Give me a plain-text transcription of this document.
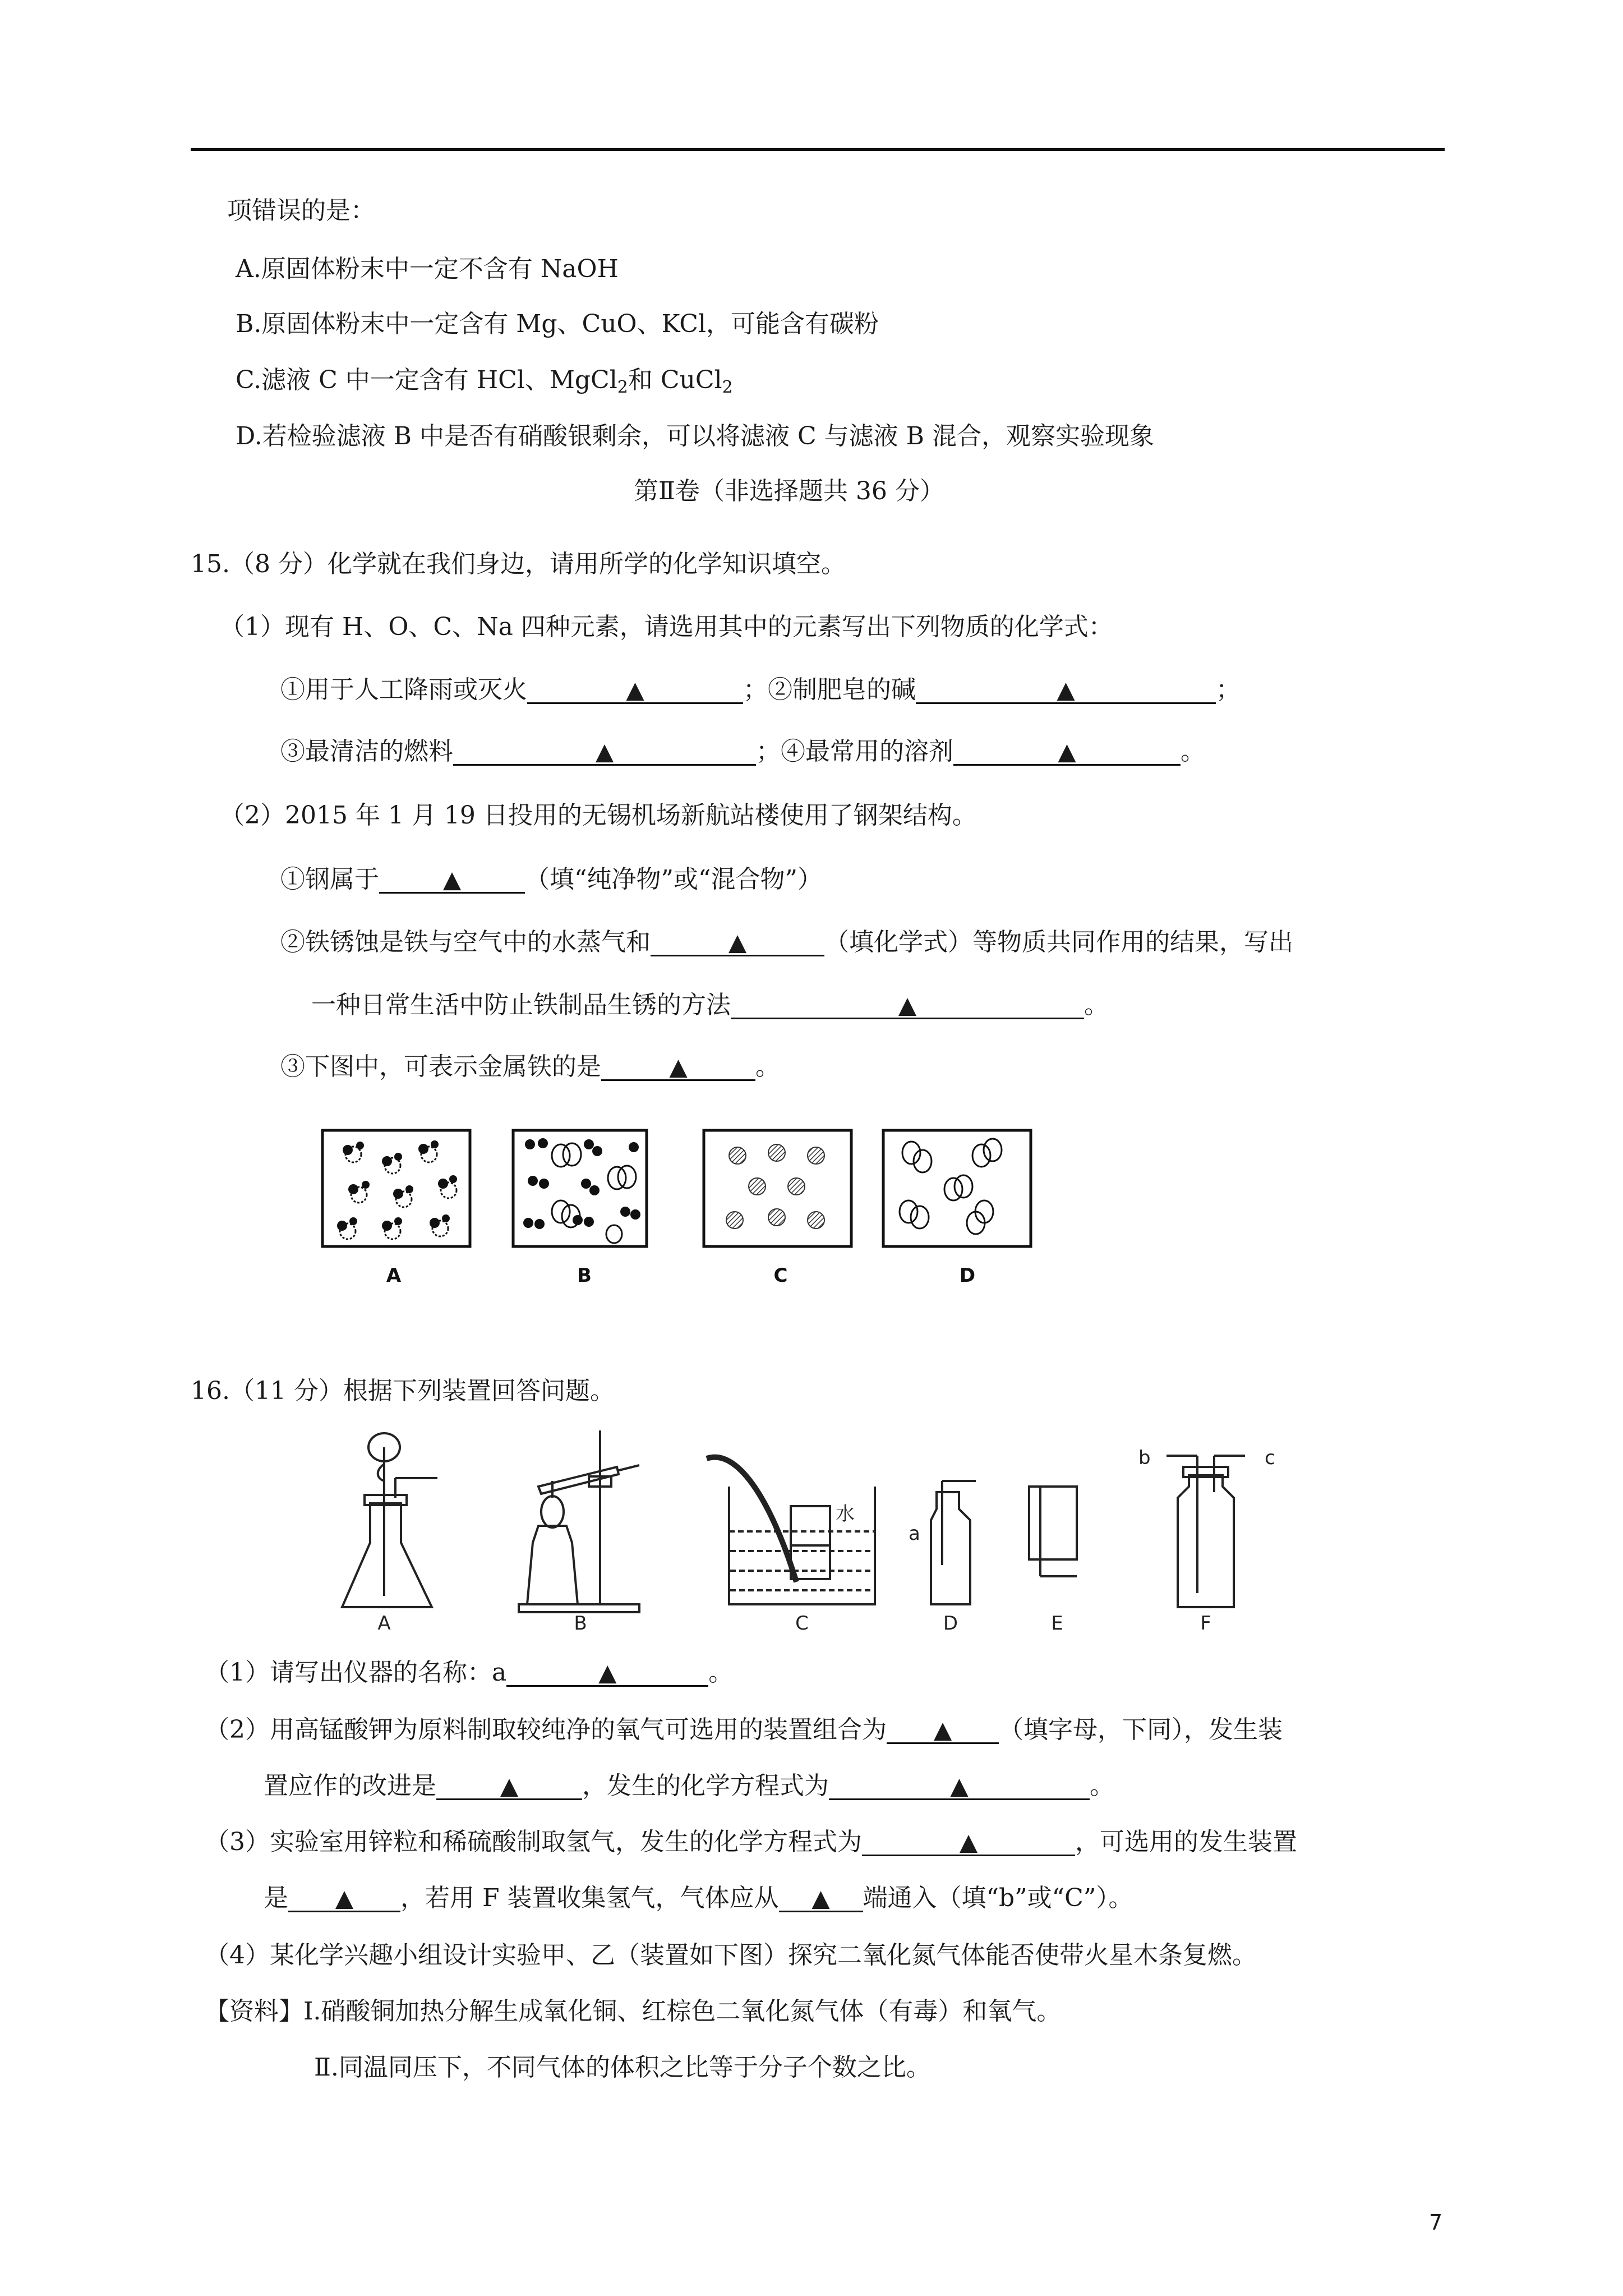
项错误的是：
A.原固体粉末中一定不含有 NaOH
B.原固体粉末中一定含有 Mg、CuO、KCl，可能含有碳粉
C.滤液 C 中一定含有 HCl、MgCl$_2$和 CuCl$_2$
D.若检验滤液 B 中是否有硝酸银剩余，可以将滤液 C 与滤液 B 混合，观察实验现象
第Ⅱ卷（非选择题共 36 分）
15.（8 分）化学就在我们身边，请用所学的化学知识填空。
（1）现有 H、O、C、Na 四种元素，请选用其中的元素写出下列物质的化学式：
①用于人工降雨或灭火	▲	；②制肥皂的碱	▲	；
③最清洁的燃料	▲	；④最常用的溶剂	▲	。
（2）2015 年 1 月 19 日投用的无锡机场新航站楼使用了钢架结构。
①钢属于	▲	（填“纯净物”或“混合物”）
②铁锈蚀是铁与空气中的水蒸气和	▲	（填化学式）等物质共同作用的结果，写出
一种日常生活中防止铁制品生锈的方法	▲	。
③下图中，可表示金属铁的是	▲	。
A	B	C	D
16.（11 分）根据下列装置回答问题。
A	B	C	D	E	F
水
a
b	c
（1）请写出仪器的名称：a	▲	。
（2）用高锰酸钾为原料制取较纯净的氧气可选用的装置组合为 ▲ （填字母，下同），发生装
置应作的改进是	▲	，发生的化学方程式为	▲	。
（3）实验室用锌粒和稀硫酸制取氢气，发生的化学方程式为	▲	，可选用的发生装置
是 ▲ ，若用 F 装置收集氢气，气体应从 ▲ 端通入（填“b”或“C”）。
（4）某化学兴趣小组设计实验甲、乙（装置如下图）探究二氧化氮气体能否使带火星木条复燃。
【资料】Ⅰ.硝酸铜加热分解生成氧化铜、红棕色二氧化氮气体（有毒）和氧气。
Ⅱ.同温同压下，不同气体的体积之比等于分子个数之比。
7
